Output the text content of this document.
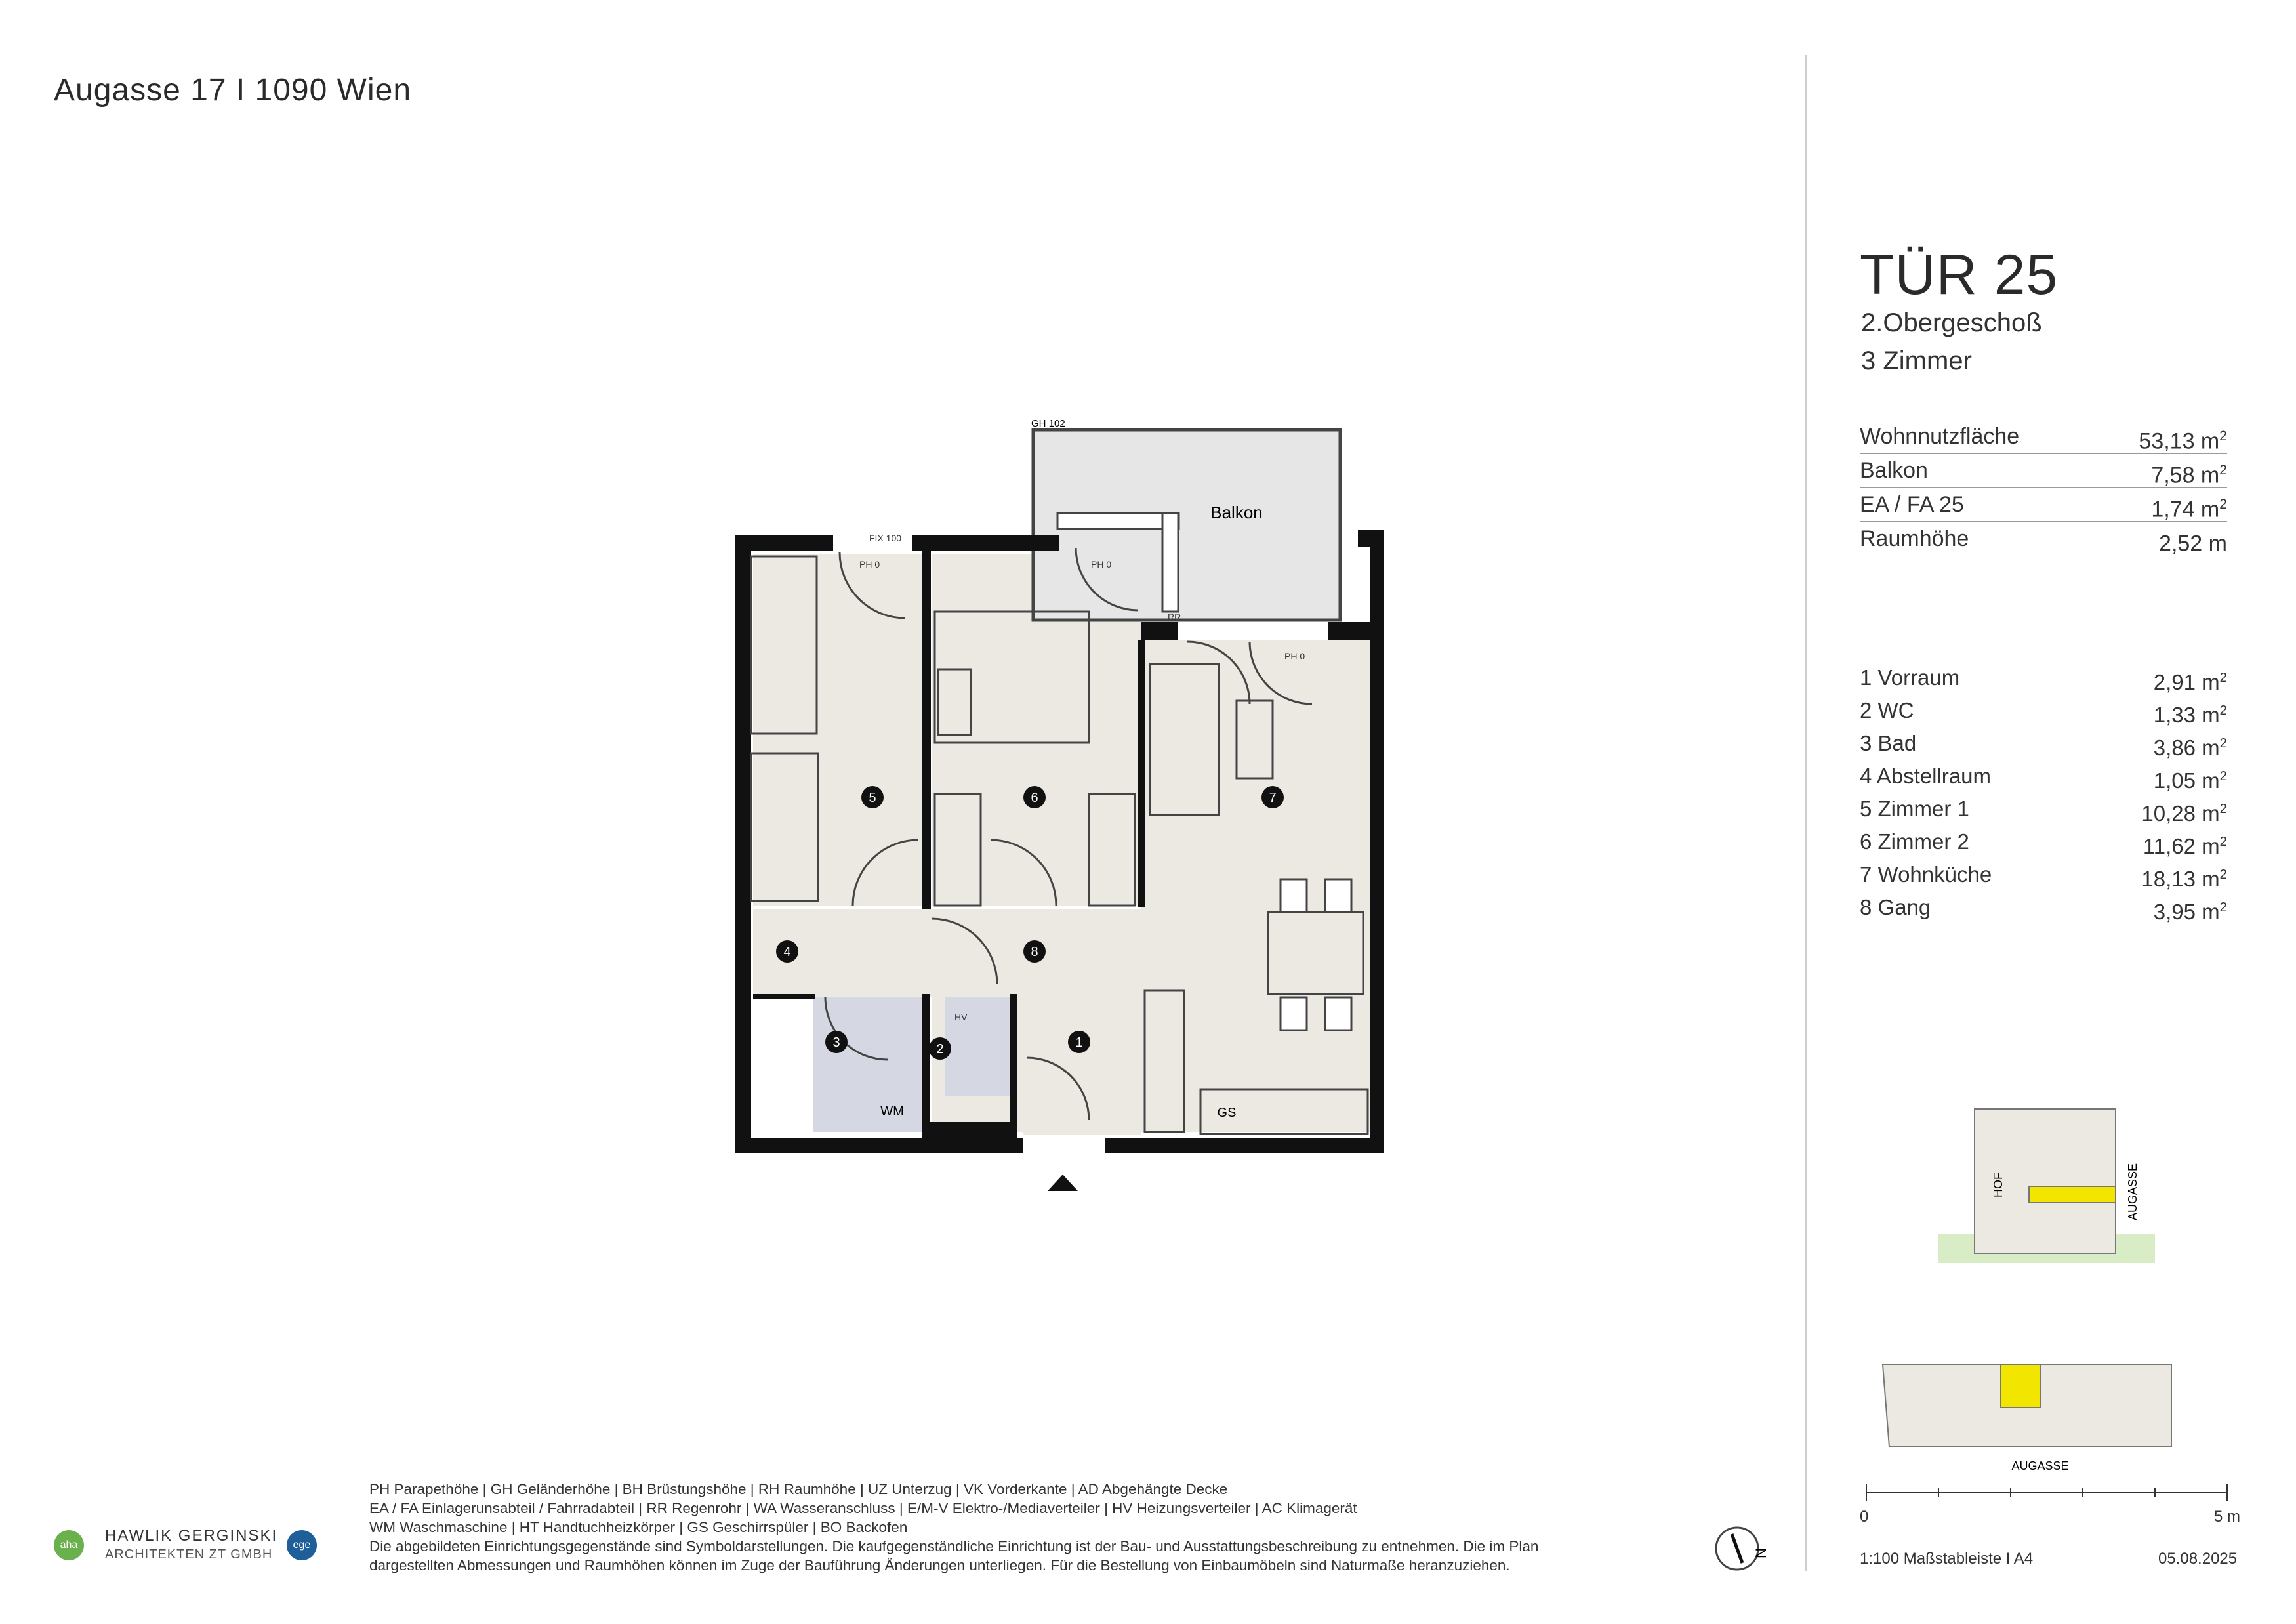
Augasse 17 I 1090 Wien
TÜR 25
2.Obergeschoß
3 Zimmer
Wohnnutzfläche	53,13 $m^2$
Balkon	7,58 $m^2$
EA / FA 25	1,74 $m^2$
Raumhöhe	2,52 m
1 Vorraum	2,91 $m^2$
2 WC	1,33 $m^2$
3 Bad	3,86 $m^2$
4 Abstellraum	1,05 $m^2$
5 Zimmer 1	10,28 $m^2$
6 Zimmer 2	11,62 $m^2$
7 Wohnküche	18,13 $m^2$
8 Gang	3,95 $m^2$
Balkon
GH 102
FIX 100
PH 0	PH 0
PH 0
RR
HV
WM	GS
1
2
3
4
5	6	7
8
HOF	AUGASSE
AUGASSE
N
0	5 m
1:100 Maßstableiste I A4	05.08.2025
PH Parapethöhe | GH Geländerhöhe | BH Brüstungshöhe | RH Raumhöhe | UZ Unterzug | VK Vorderkante | AD Abgehängte Decke
EA / FA Einlagerunsabteil / Fahrradabteil | RR Regenrohr | WA Wasseranschluss | E/M-V Elektro-/Mediaverteiler | HV Heizungsverteiler | AC Klimagerät
WM Waschmaschine | HT Handtuchheizkörper | GS Geschirrspüler | BO Backofen
Die abgebildeten Einrichtungsgegenstände sind Symboldarstellungen. Die kaufgegenständliche Einrichtung ist der Bau- und Ausstattungsbeschreibung zu entnehmen. Die im Plan
dargestellten Abmessungen und Raumhöhen können im Zuge der Bauführung Änderungen unterliegen. Für die Bestellung von Einbaumöbeln sind Naturmaße heranzuziehen.
aha
HAWLIK GERGINSKI
ARCHITEKTEN ZT GMBH
ege
